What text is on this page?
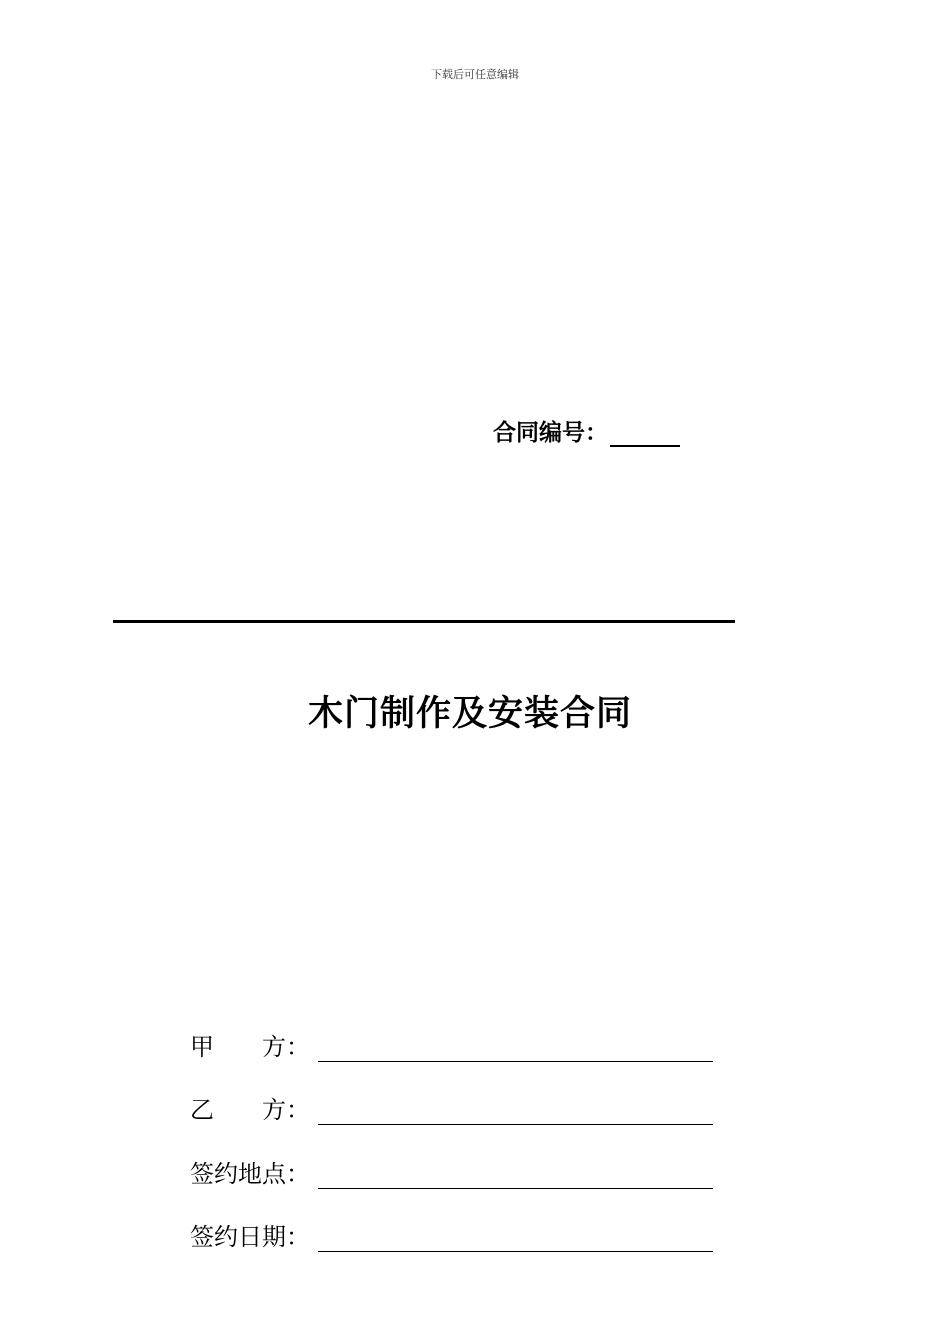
下载后可任意编辑
合同编号：
木门制作及安装合同
甲　　方：
乙　　方：
签约地点：
签约日期：
